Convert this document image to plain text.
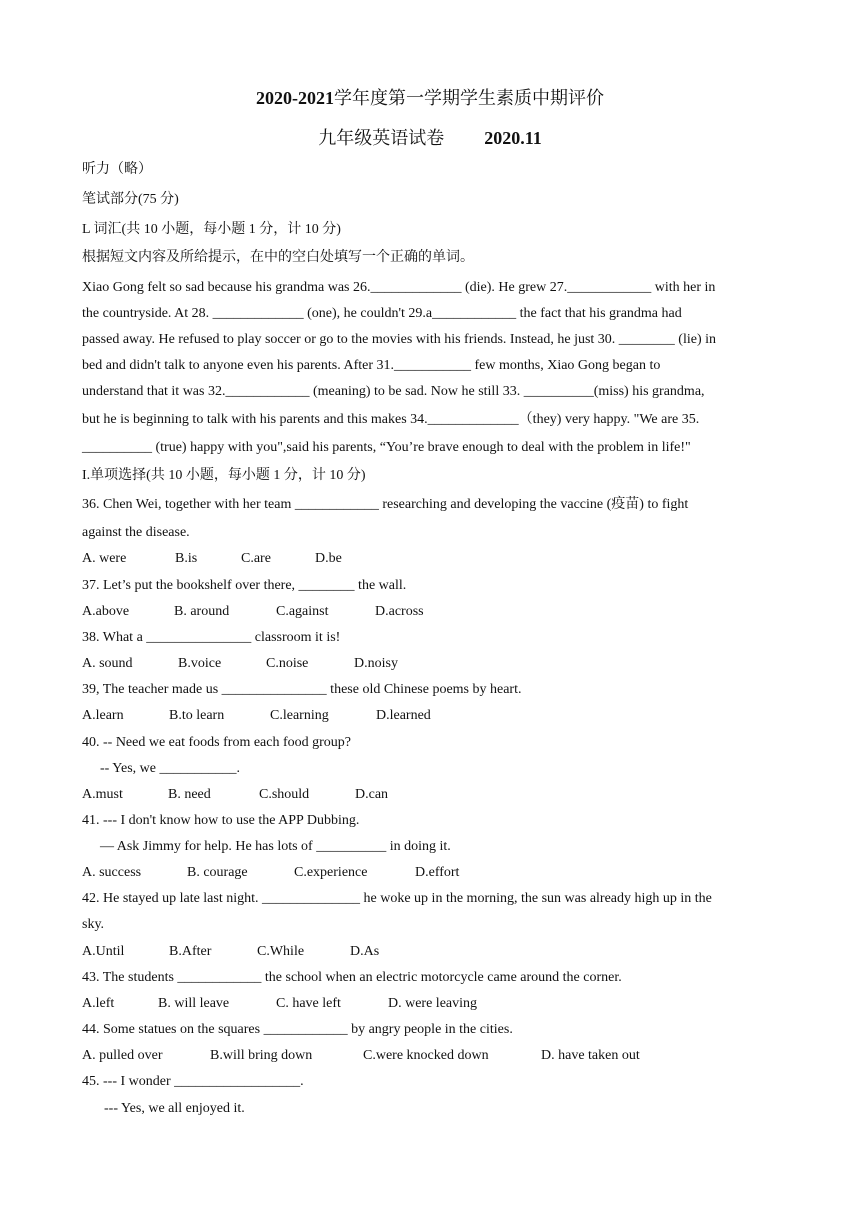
2020-2021学年度第一学期学生素质中期评价
九年级英语试卷 2020.11
听力（略）
笔试部分(75 分)
L 词汇(共 10 小题，每小题 1 分，计 10 分)
根据短文内容及所给提示，在中的空白处填写一个正确的单词。
Xiao Gong felt so sad because his grandma was 26._____________ (die). He grew 27.____________ with her in
the countryside. At 28. _____________ (one), he couldn't 29.a____________ the fact that his grandma had
passed away. He refused to play soccer or go to the movies with his friends. Instead, he just 30. ________ (lie) in
bed and didn't talk to anyone even his parents. After 31.___________ few months, Xiao Gong began to
understand that it was 32.____________ (meaning) to be sad. Now he still 33. __________(miss) his grandma,
but he is beginning to talk with his parents and this makes 34._____________（they) very happy. "We are 35.
__________ (true) happy with you",said his parents, “You’re brave enough to deal with the problem in life!"
I.单项选择(共 10 小题，每小题 1 分，计 10 分)
36. Chen Wei, together with her team ____________ researching and developing the vaccine (疫苗) to fight
against the disease.
A. were	B.is	C.are	D.be
37. Let’s put the bookshelf over there, ________ the wall.
A.above	B. around	C.against	D.across
38. What a _______________ classroom it is!
A. sound	B.voice	C.noise	D.noisy
39, The teacher made us _______________ these old Chinese poems by heart.
A.learn	B.to learn	C.learning	D.learned
40. -- Need we eat foods from each food group?
-- Yes, we ___________.
A.must	B. need	C.should	D.can
41. --- I don't know how to use the APP Dubbing.
— Ask Jimmy for help. He has lots of __________ in doing it.
A. success	B. courage	C.experience	D.effort
42. He stayed up late last night. ______________ he woke up in the morning, the sun was already high up in the
sky.
A.Until	B.After	C.While	D.As
43. The students ____________ the school when an electric motorcycle came around the corner.
A.left	B. will leave	C. have left	D. were leaving
44. Some statues on the squares ____________ by angry people in the cities.
A. pulled over	B.will bring down	C.were knocked down	D. have taken out
45. --- I wonder __________________.
--- Yes, we all enjoyed it.
